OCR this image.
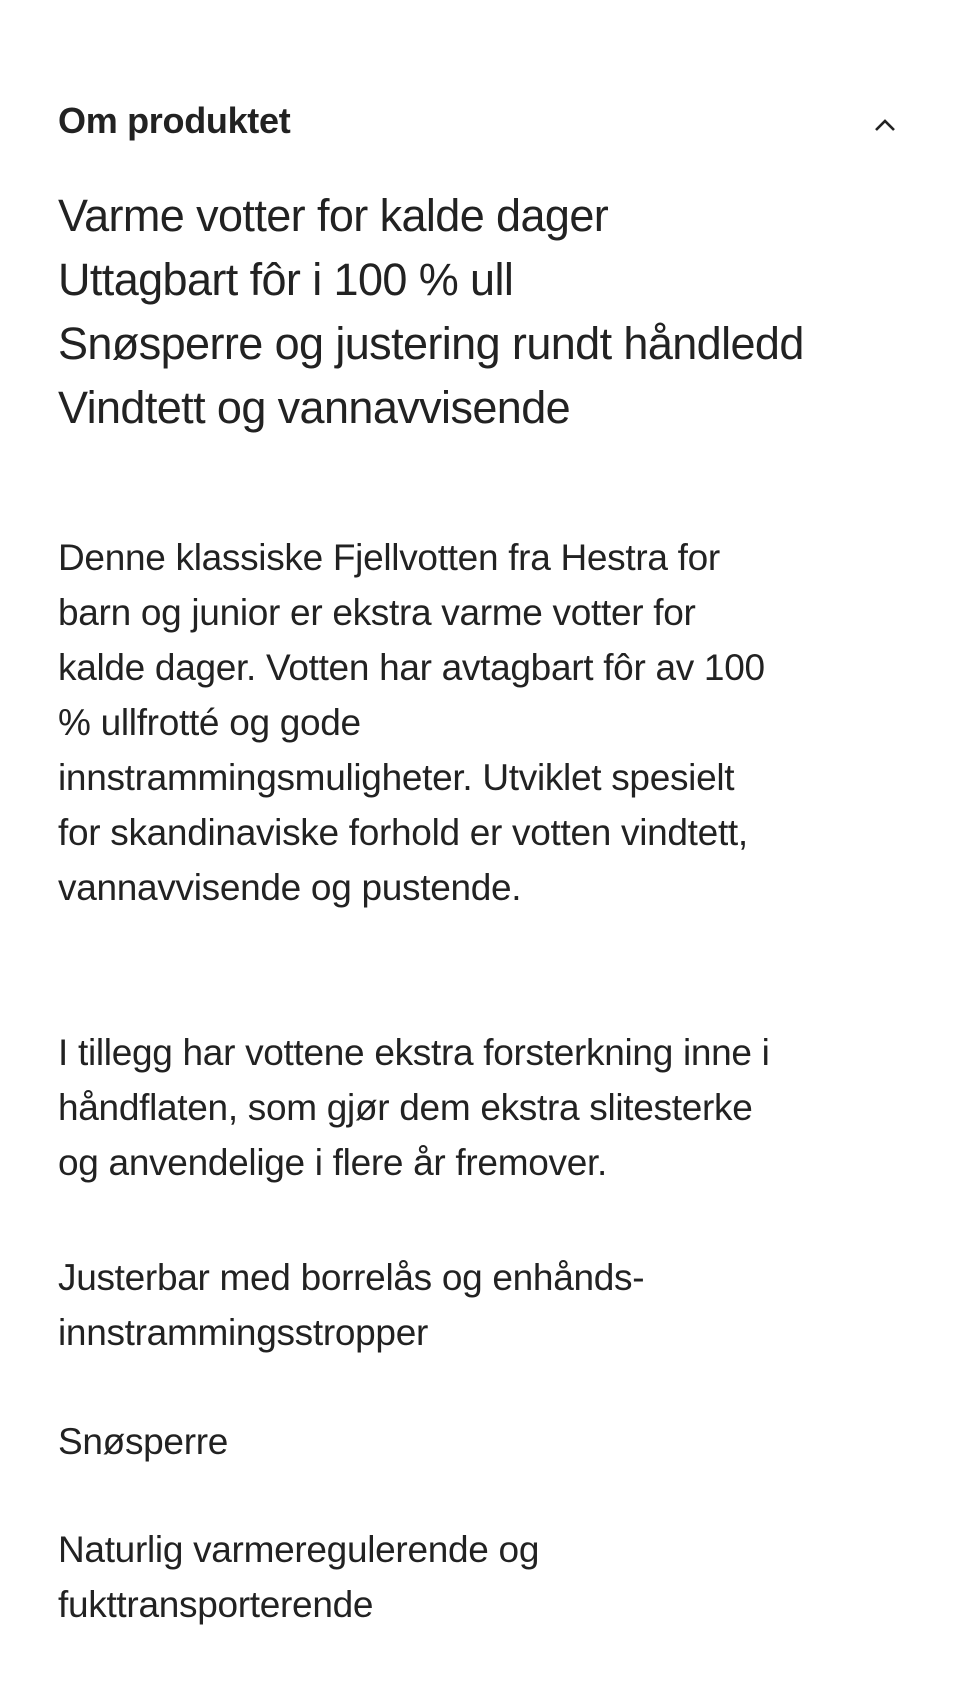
Om produktet
Varme votter for kalde dager
Uttagbart fôr i 100 % ull
Snøsperre og justering rundt håndledd
Vindtett og vannavvisende
Denne klassiske Fjellvotten fra Hestra for
barn og junior er ekstra varme votter for
kalde dager. Votten har avtagbart fôr av 100
% ullfrotté og gode
innstrammingsmuligheter. Utviklet spesielt
for skandinaviske forhold er votten vindtett,
vannavvisende og pustende.
I tillegg har vottene ekstra forsterkning inne i
håndflaten, som gjør dem ekstra slitesterke
og anvendelige i flere år fremover.
Justerbar med borrelås og enhånds-
innstrammingsstropper
Snøsperre
Naturlig varmeregulerende og
fukttransporterende
